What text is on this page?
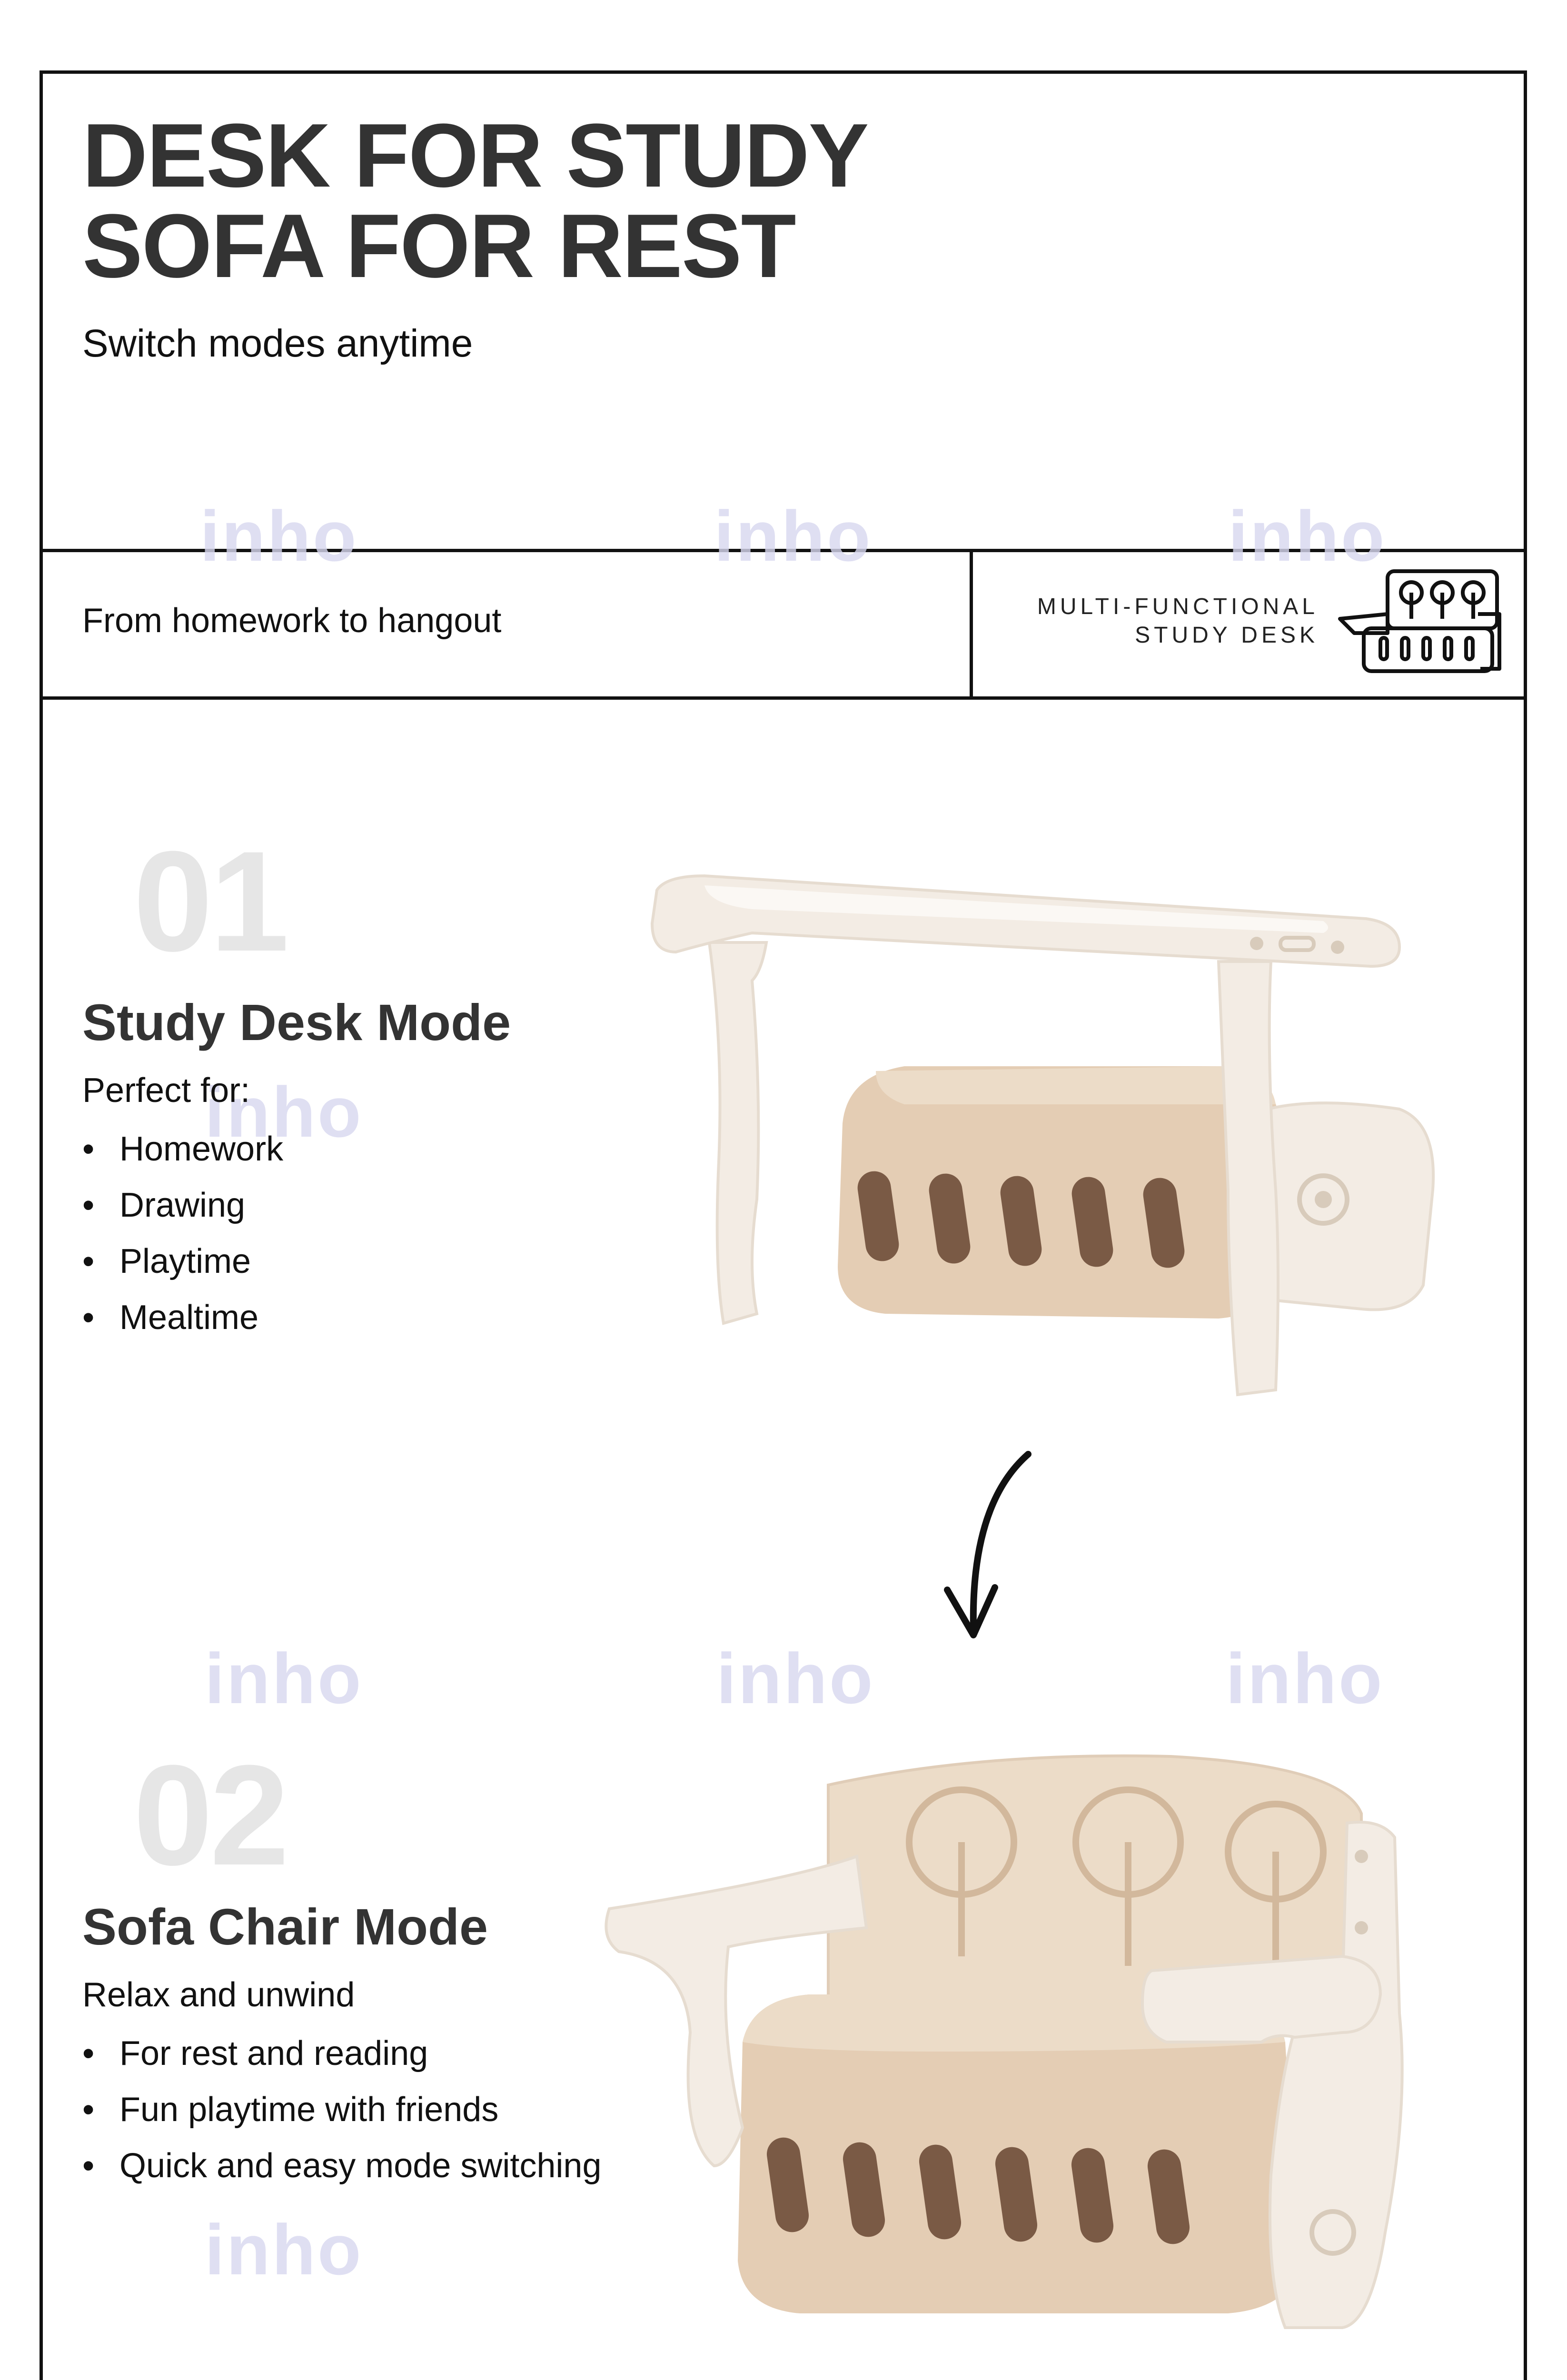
inho	inho	inho
inho
inho	inho	inho
inho
DESK FOR STUDY
SOFA FOR REST
Switch modes anytime
From homework to hangout	MULTI-FUNCTIONAL
STUDY DESK
01
Study Desk Mode
Perfect for:
• Homework
• Drawing
• Playtime
• Mealtime
02
Sofa Chair Mode
Relax and unwind
• For rest and reading
• Fun playtime with friends
• Quick and easy mode switching
